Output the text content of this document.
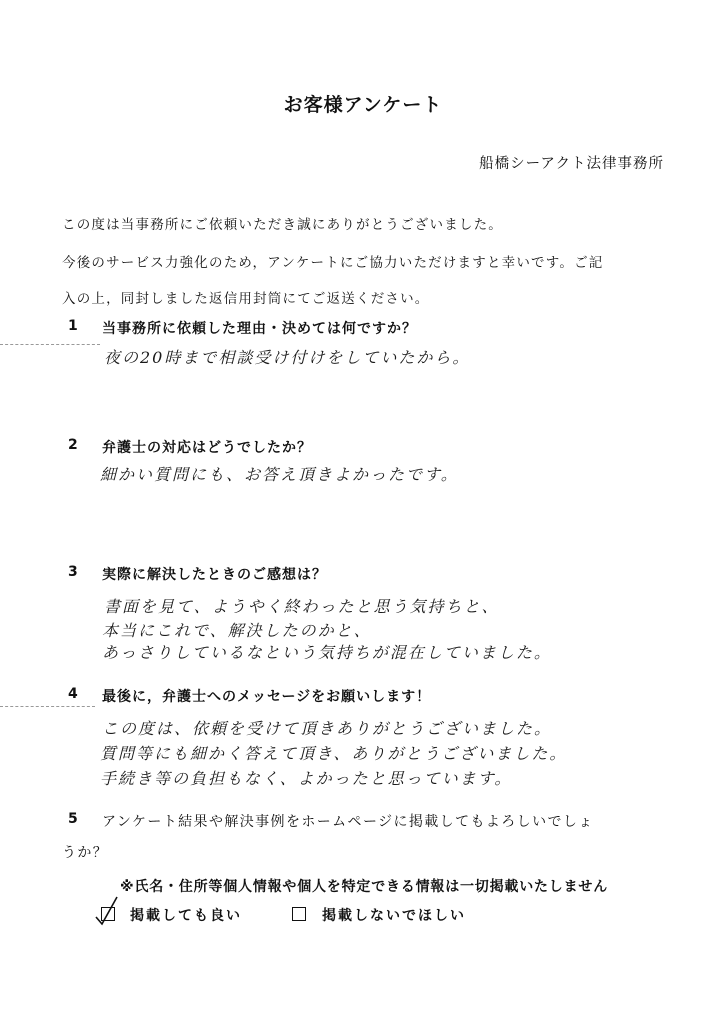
お客様アンケート
船橋シーアクト法律事務所
この度は当事務所にご依頼いただき誠にありがとうございました。
今後のサービス力強化のため，アンケートにご協力いただけますと幸いです。ご記
入の上，同封しました返信用封筒にてご返送ください。
1 当事務所に依頼した理由・決めては何ですか？
夜の20時まで相談受け付けをしていたから。
2 弁護士の対応はどうでしたか？
細かい質問にも、お答え頂きよかったです。
3 実際に解決したときのご感想は？
書面を見て、ようやく終わったと思う気持ちと、
本当にこれで、解決したのかと、
あっさりしているなという気持ちが混在していました。
4 最後に，弁護士へのメッセージをお願いします！
この度は、依頼を受けて頂きありがとうございました。
質問等にも細かく答えて頂き、ありがとうございました。
手続き等の負担もなく、よかったと思っています。
5 アンケート結果や解決事例をホームページに掲載してもよろしいでしょ
うか？
※氏名・住所等個人情報や個人を特定できる情報は一切掲載いたしません
掲載しても良い	掲載しないでほしい
